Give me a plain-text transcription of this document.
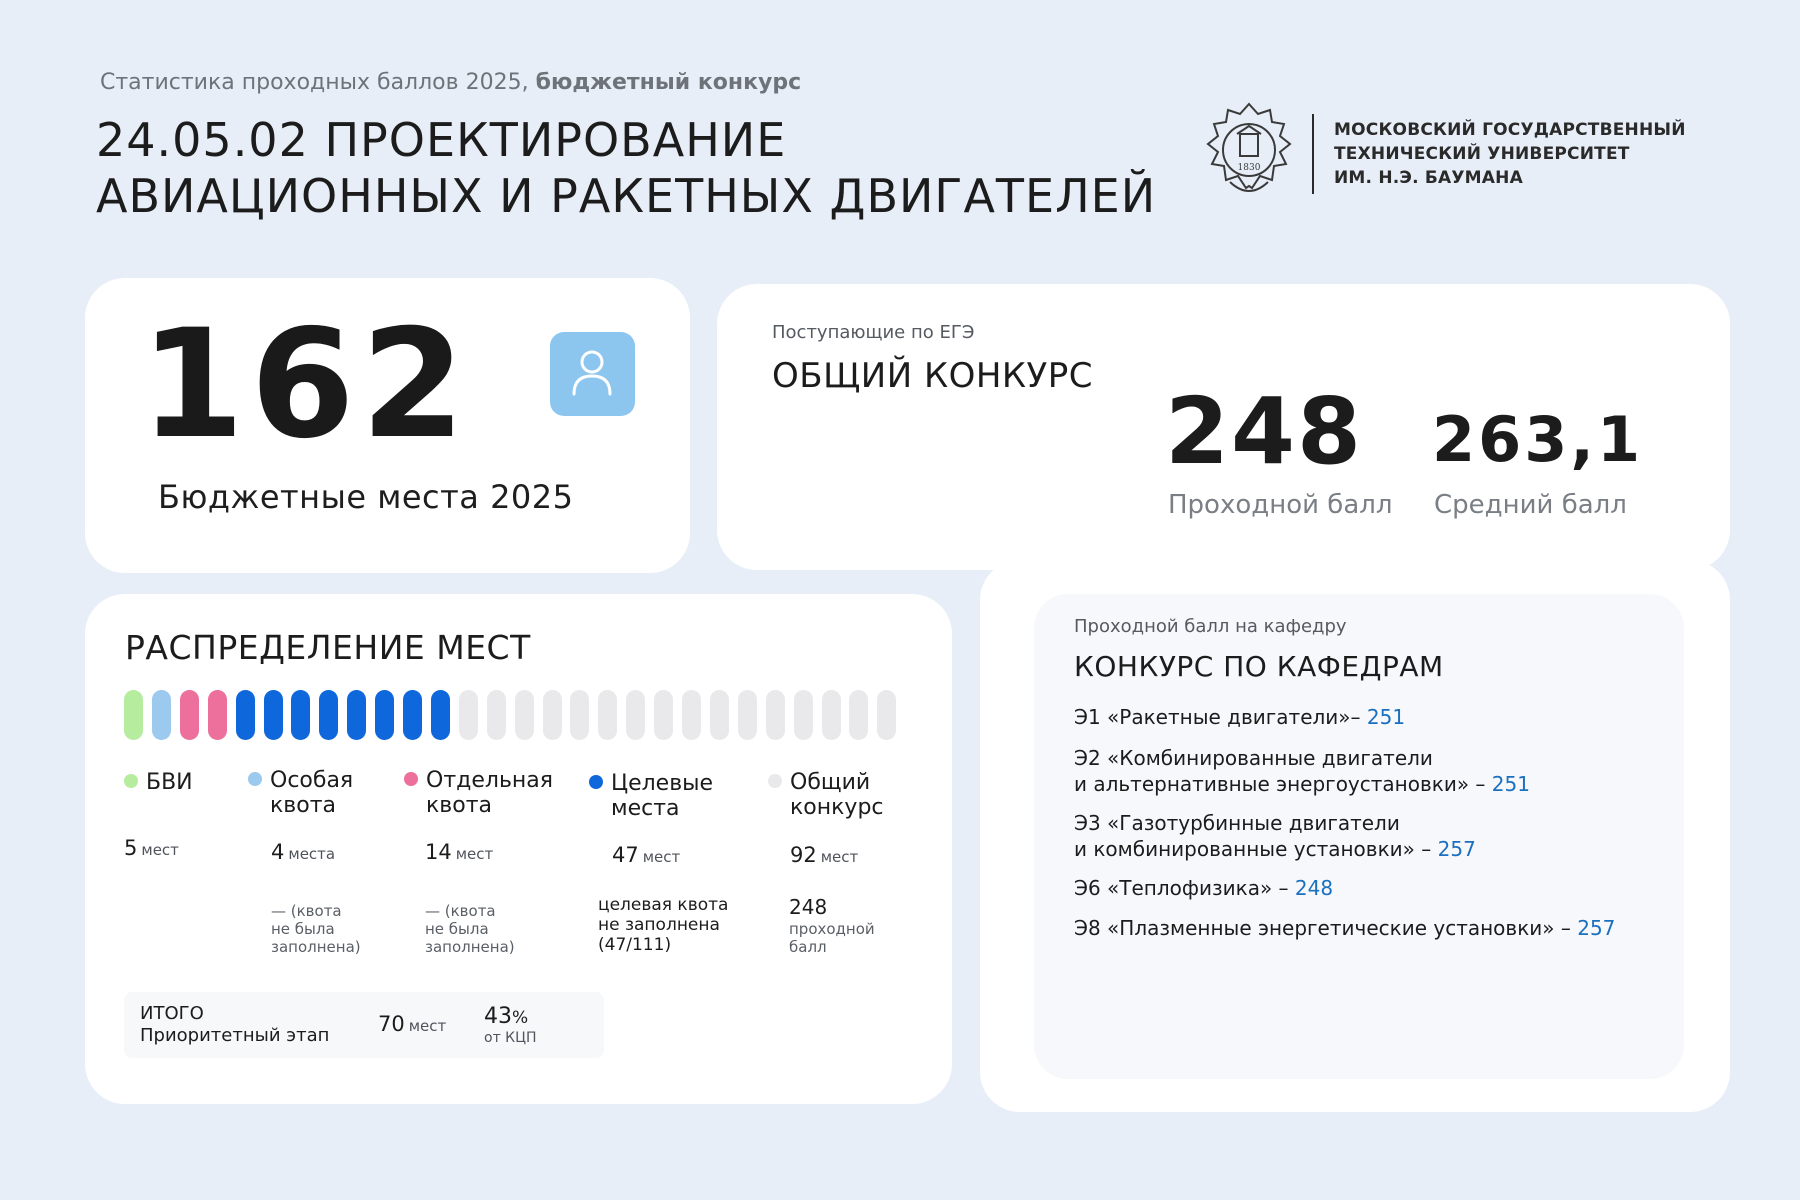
Статистика проходных баллов 2025, бюджетный конкурс
24.05.02 ПРОЕКТИРОВАНИЕ
АВИАЦИОННЫХ И РАКЕТНЫХ ДВИГАТЕЛЕЙ
1830
МОСКОВСКИЙ ГОСУДАРСТВЕННЫЙ
ТЕХНИЧЕСКИЙ УНИВЕРСИТЕТ
ИМ. Н.Э. БАУМАНА
162
Бюджетные места 2025
Поступающие по ЕГЭ
ОБЩИЙ КОНКУРС
248 263,1
Проходной балл Средний балл
РАСПРЕДЕЛЕНИЕ МЕСТ
БВИ
5 мест
Особая
квота
4 места
— (квота
не была
заполнена)
Отдельная
квота
14 мест
— (квота
не была
заполнена)
Целевые
места
47 мест
целевая квота
не заполнена
(47/111)
Общий
конкурс
92 мест
248
проходной
балл
ИТОГО
Приоритетный этап 70 мест 43%
от КЦП
Проходной балл на кафедру
КОНКУРС ПО КАФЕДРАМ
Э1 «Ракетные двигатели»– 251
Э2 «Комбинированные двигатели
и альтернативные энергоустановки» – 251
Э3 «Газотурбинные двигатели
и комбинированные установки» – 257
Э6 «Теплофизика» – 248
Э8 «Плазменные энергетические установки» – 257
